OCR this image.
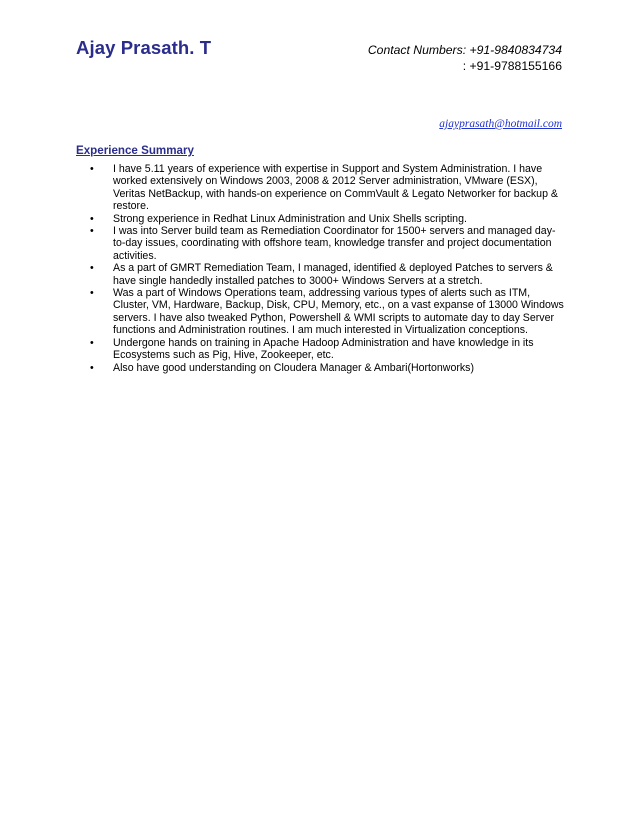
Ajay Prasath. T	Contact Numbers: +91-9840834734
: +91-9788155166
ajayprasath@hotmail.com
Experience Summary
• I have 5.11 years of experience with expertise in Support and System Administration. I have worked extensively on Windows 2003, 2008 & 2012 Server administration, VMware (ESX), Veritas NetBackup, with hands-on experience on CommVault & Legato Networker for backup & restore.
• Strong experience in Redhat Linux Administration and Unix Shells scripting.
• I was into Server build team as Remediation Coordinator for 1500+ servers and managed day-to-day issues, coordinating with offshore team, knowledge transfer and project documentation activities.
• As a part of GMRT Remediation Team, I managed, identified & deployed Patches to servers & have single handedly installed patches to 3000+ Windows Servers at a stretch.
• Was a part of Windows Operations team, addressing various types of alerts such as ITM, Cluster, VM, Hardware, Backup, Disk, CPU, Memory, etc., on a vast expanse of 13000 Windows servers. I have also tweaked Python, Powershell & WMI scripts to automate day to day Server functions and Administration routines. I am much interested in Virtualization conceptions.
• Undergone hands on training in Apache Hadoop Administration and have knowledge in its Ecosystems such as Pig, Hive, Zookeeper, etc.
• Also have good understanding on Cloudera Manager & Ambari(Hortonworks)
